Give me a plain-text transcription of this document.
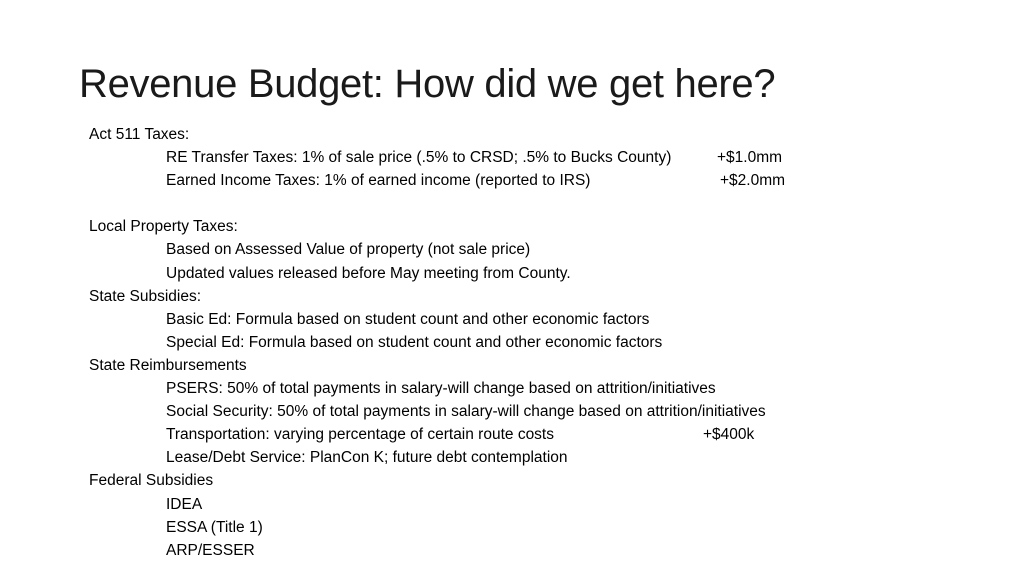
Revenue Budget: How did we get here?
Act 511 Taxes:
RE Transfer Taxes: 1% of sale price (.5% to CRSD; .5% to Bucks County)	+$1.0mm
Earned Income Taxes: 1% of earned income (reported to IRS)	+$2.0mm
Local Property Taxes:
Based on Assessed Value of property (not sale price)
Updated values released before May meeting from County.
State Subsidies:
Basic Ed: Formula based on student count and other economic factors
Special Ed: Formula based on student count and other economic factors
State Reimbursements
PSERS: 50% of total payments in salary-will change based on attrition/initiatives
Social Security: 50% of total payments in salary-will change based on attrition/initiatives
Transportation: varying percentage of certain route costs	+$400k
Lease/Debt Service: PlanCon K; future debt contemplation
Federal Subsidies
IDEA
ESSA (Title 1)
ARP/ESSER
